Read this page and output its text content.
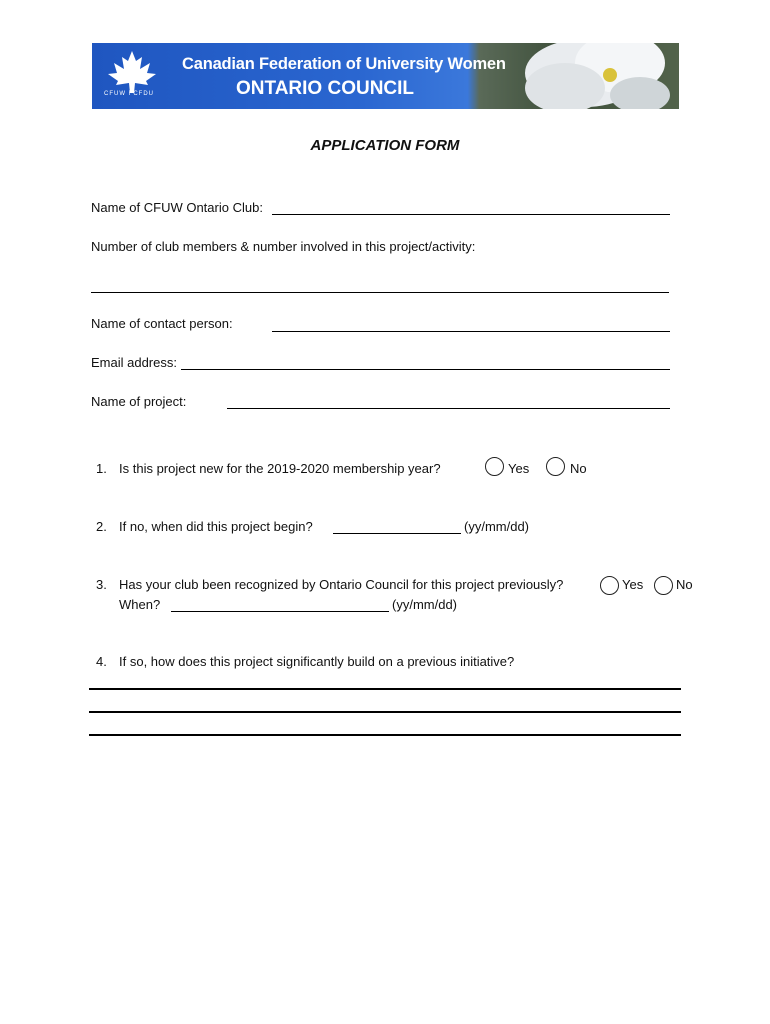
CFUW FCFDU
Canadian Federation of University Women
ONTARIO COUNCIL
APPLICATION FORM
Name of CFUW Ontario Club:
Number of club members & number involved in this project/activity:
Name of contact person:
Email address:
Name of project:
1. Is this project new for the 2019-2020 membership year?	Yes	No
2. If no, when did this project begin?	(yy/mm/dd)
3. Has your club been recognized by Ontario Council for this project previously?	Yes	No
When?	(yy/mm/dd)
4. If so, how does this project significantly build on a previous initiative?
